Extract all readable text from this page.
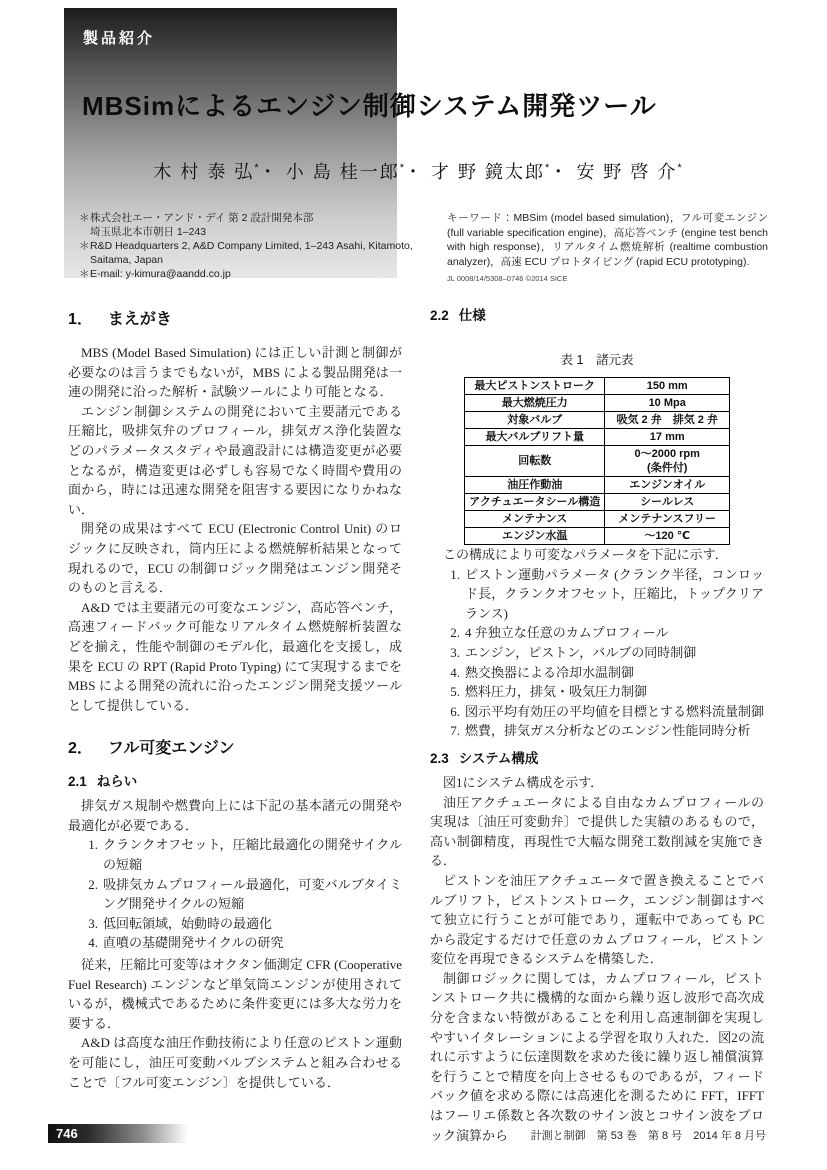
製品紹介
MBSimによるエンジン制御システム開発ツール
木 村 泰 弘*・ 小 島 桂一郎*・ 才 野 鏡太郎*・ 安 野 啓 介*
＊ 株式会社エー・アンド・デイ 第 2 設計開発本部
埼玉県北本市朝日 1–243
＊ R&D Headquarters 2, A&D Company Limited, 1–243 Asahi, Kitamoto,
Saitama, Japan
＊ E-mail: y-kimura@aandd.co.jp
キーワード：MBSim (model based simulation)，フル可変エンジン (full variable specification engine)，高応答ベンチ (engine test bench with high response)，リアルタイム燃焼解析 (realtime combustion analyzer)，高速 ECU プロトタイピング (rapid ECU prototyping).
JL 0008/14/5308–0746 ©2014 SICE
1． まえがき

MBS (Model Based Simulation) には正しい計測と制御が必要なのは言うまでもないが，MBS による製品開発は一連の開発に沿った解析・試験ツールにより可能となる．

エンジン制御システムの開発において主要諸元である圧縮比，吸排気弁のプロフィール，排気ガス浄化装置などのパラメータスタディや最適設計には構造変更が必要となるが，構造変更は必ずしも容易でなく時間や費用の面から，時には迅速な開発を阻害する要因になりかねない．

開発の成果はすべて ECU (Electronic Control Unit) のロジックに反映され，筒内圧による燃焼解析結果となって現れるので，ECU の制御ロジック開発はエンジン開発そのものと言える．

A&D では主要諸元の可変なエンジン，高応答ベンチ，高速フィードバック可能なリアルタイム燃焼解析装置などを揃え，性能や制御のモデル化，最適化を支援し，成果を ECU の RPT (Rapid Proto Typing) にて実現するまでを MBS による開発の流れに沿ったエンジン開発支援ツールとして提供している．

2． フル可変エンジン
2.1 ねらい

排気ガス規制や燃費向上には下記の基本諸元の開発や最適化が必要である．

1. クランクオフセット，圧縮比最適化の開発サイクルの短縮
2. 吸排気カムプロフィール最適化，可変バルブタイミング開発サイクルの短縮
3. 低回転領域，始動時の最適化
4. 直噴の基礎開発サイクルの研究

従来，圧縮比可変等はオクタン価測定 CFR (Cooperative Fuel Research) エンジンなど単気筒エンジンが使用されているが，機械式であるために条件変更には多大な労力を要する．

A&D は高度な油圧作動技術により任意のピストン運動を可能にし，油圧可変動バルブシステムと組み合わせることで〔フル可変エンジン〕を提供している．

2.2 仕様
表 1　諸元表
最大ピストンストローク	150 mm

最大燃焼圧力	10 Mpa

対象バルブ	吸気 2 弁　排気 2 弁

最大バルブリフト量	17 mm

回転数	0～2000 rpm
(条件付)

油圧作動油	エンジンオイル

アクチュエータシール構造	シールレス

メンテナンス	メンテナンスフリー

エンジン水温	～120 ℃

この構成により可変なパラメータを下記に示す．

1. ピストン運動パラメータ (クランク半径，コンロッド長，クランクオフセット，圧縮比，トップクリアランス)
2. 4 弁独立な任意のカムプロフィール
3. エンジン，ピストン，バルブの同時制御
4. 熱交換器による冷却水温制御
5. 燃料圧力，排気・吸気圧力制御
6. 図示平均有効圧の平均値を目標とする燃料流量制御
7. 燃費，排気ガス分析などのエンジン性能同時分析
2.3 システム構成

図1にシステム構成を示す．

油圧アクチュエータによる自由なカムプロフィールの実現は〔油圧可変動弁〕で提供した実績のあるもので，高い制御精度，再現性で大幅な開発工数削減を実施できる．

ピストンを油圧アクチュエータで置き換えることでバルブリフト，ピストンストローク，エンジン制御はすべて独立に行うことが可能であり，運転中であっても PC から設定するだけで任意のカムプロフィール，ピストン変位を再現できるシステムを構築した．

制御ロジックに関しては，カムプロフィール，ピストンストローク共に機構的な面から繰り返し波形で高次成分を含まない特徴があることを利用し高速制御を実現しやすいイタレーションによる学習を取り入れた．図2の流れに示すように伝達関数を求めた後に繰り返し補償演算を行うことで精度を向上させるものであるが，フィードバック値を求める際には高速化を測るために FFT，IFFT はフーリエ係数と各次数のサイン波とコサイン波をブロック演算から

746	計測と制御　第 53 巻　第 8 号　2014 年 8 月号
